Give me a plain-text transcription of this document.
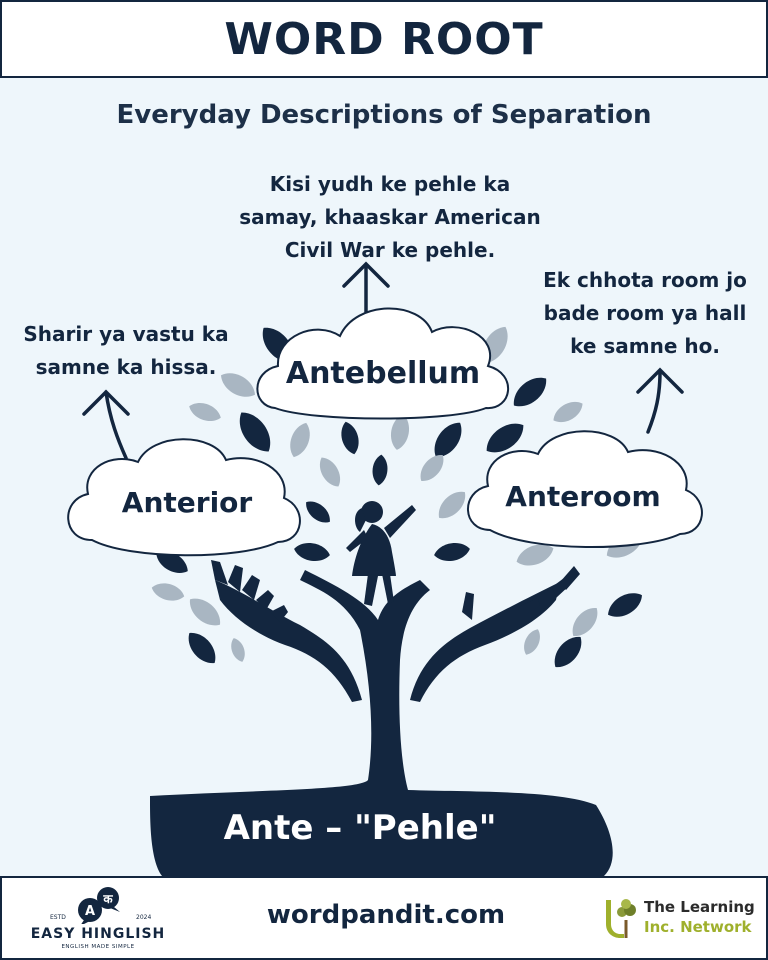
WORD ROOT
Everyday Descriptions of Separation
Kisi yudh ke pehle ka
samay, khaaskar American
Civil War ke pehle.
Sharir ya vastu ka
samne ka hissa.
Ek chhota room jo
bade room ya hall
ke samne ho.
Antebellum
Anterior	Anteroom
Ante – "Pehle"
A
क
ESTD	2024
EASY HINGLISH
ENGLISH MADE SIMPLE
wordpandit.com	The Learning
Inc. Network
